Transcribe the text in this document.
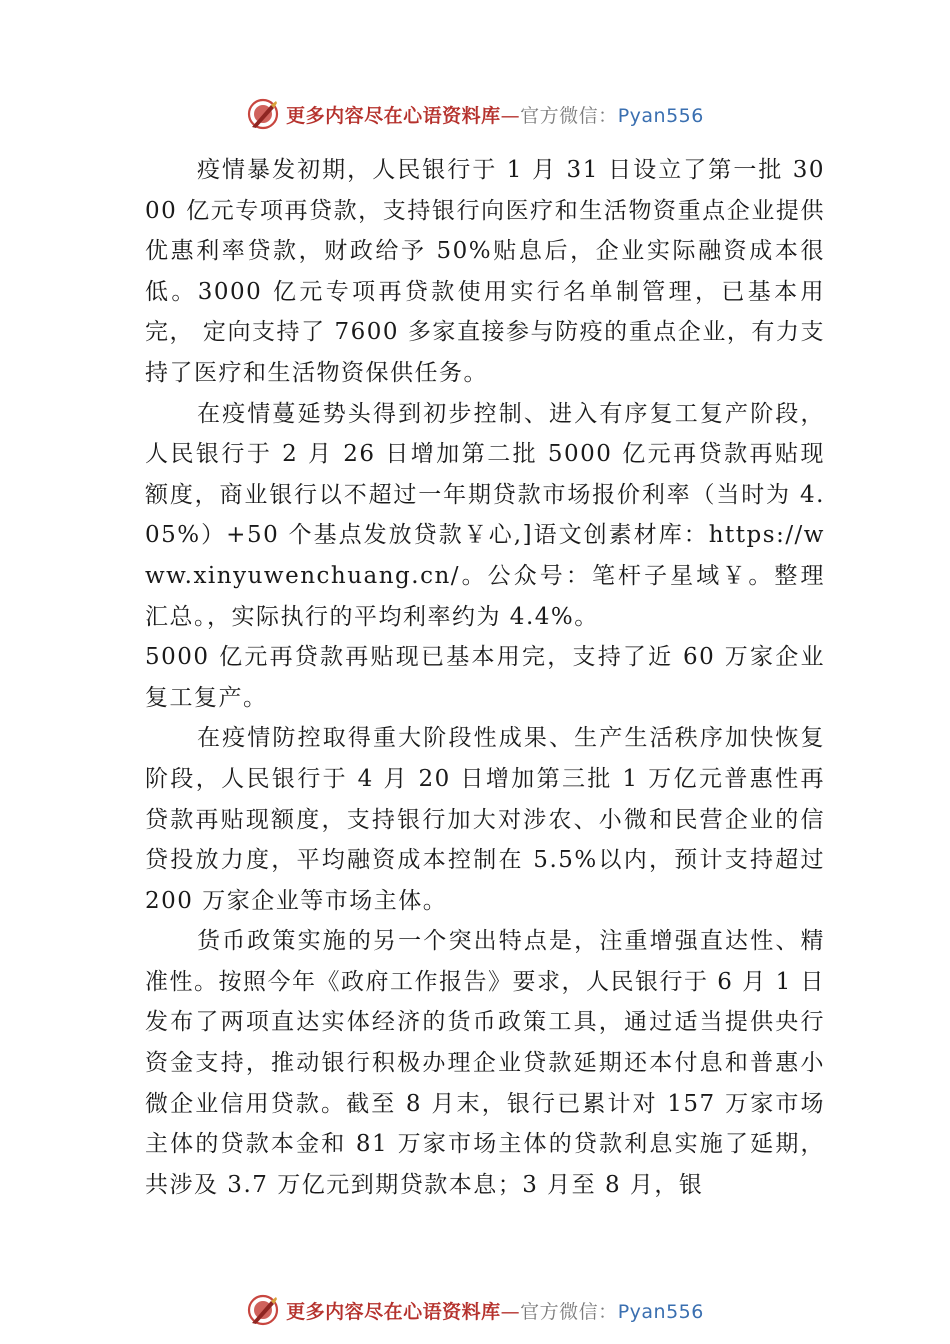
更多内容尽在心语资料库—官方微信：Pyan556

疫情暴发初期，人民银行于 1 月 31 日设立了第一批 3000 亿元专项再贷款，支持银行向医疗和生活物资重点企业提供优惠利率贷款，财政给予 50%贴息后，企业实际融资成本很低。3000 亿元专项再贷款使用实行名单制管理，已基本用完， 定向支持了 7600 多家直接参与防疫的重点企业，有力支持了医疗和生活物资保供任务。

在疫情蔓延势头得到初步控制、进入有序复工复产阶段，人民银行于 2 月 26 日增加第二批 5000 亿元再贷款再贴现额度，商业银行以不超过一年期贷款市场报价利率（当时为 4.05%）+50 个基点发放贷款￥心,]语文创素材库：https://www.xinyuwenchuang.cn/。公众号：笔杆子星域￥。整理汇总。，实际执行的平均利率约为 4.4%。

5000 亿元再贷款再贴现已基本用完，支持了近 60 万家企业复工复产。

在疫情防控取得重大阶段性成果、生产生活秩序加快恢复阶段，人民银行于 4 月 20 日增加第三批 1 万亿元普惠性再贷款再贴现额度，支持银行加大对涉农、小微和民营企业的信贷投放力度，平均融资成本控制在 5.5%以内，预计支持超过 200 万家企业等市场主体。

货币政策实施的另一个突出特点是，注重增强直达性、精准性。按照今年《政府工作报告》要求，人民银行于 6 月 1 日发布了两项直达实体经济的货币政策工具，通过适当提供央行资金支持，推动银行积极办理企业贷款延期还本付息和普惠小微企业信用贷款。截至 8 月末，银行已累计对 157 万家市场主体的贷款本金和 81 万家市场主体的贷款利息实施了延期，共涉及 3.7 万亿元到期贷款本息；3 月至 8 月，银

更多内容尽在心语资料库—官方微信：Pyan556
